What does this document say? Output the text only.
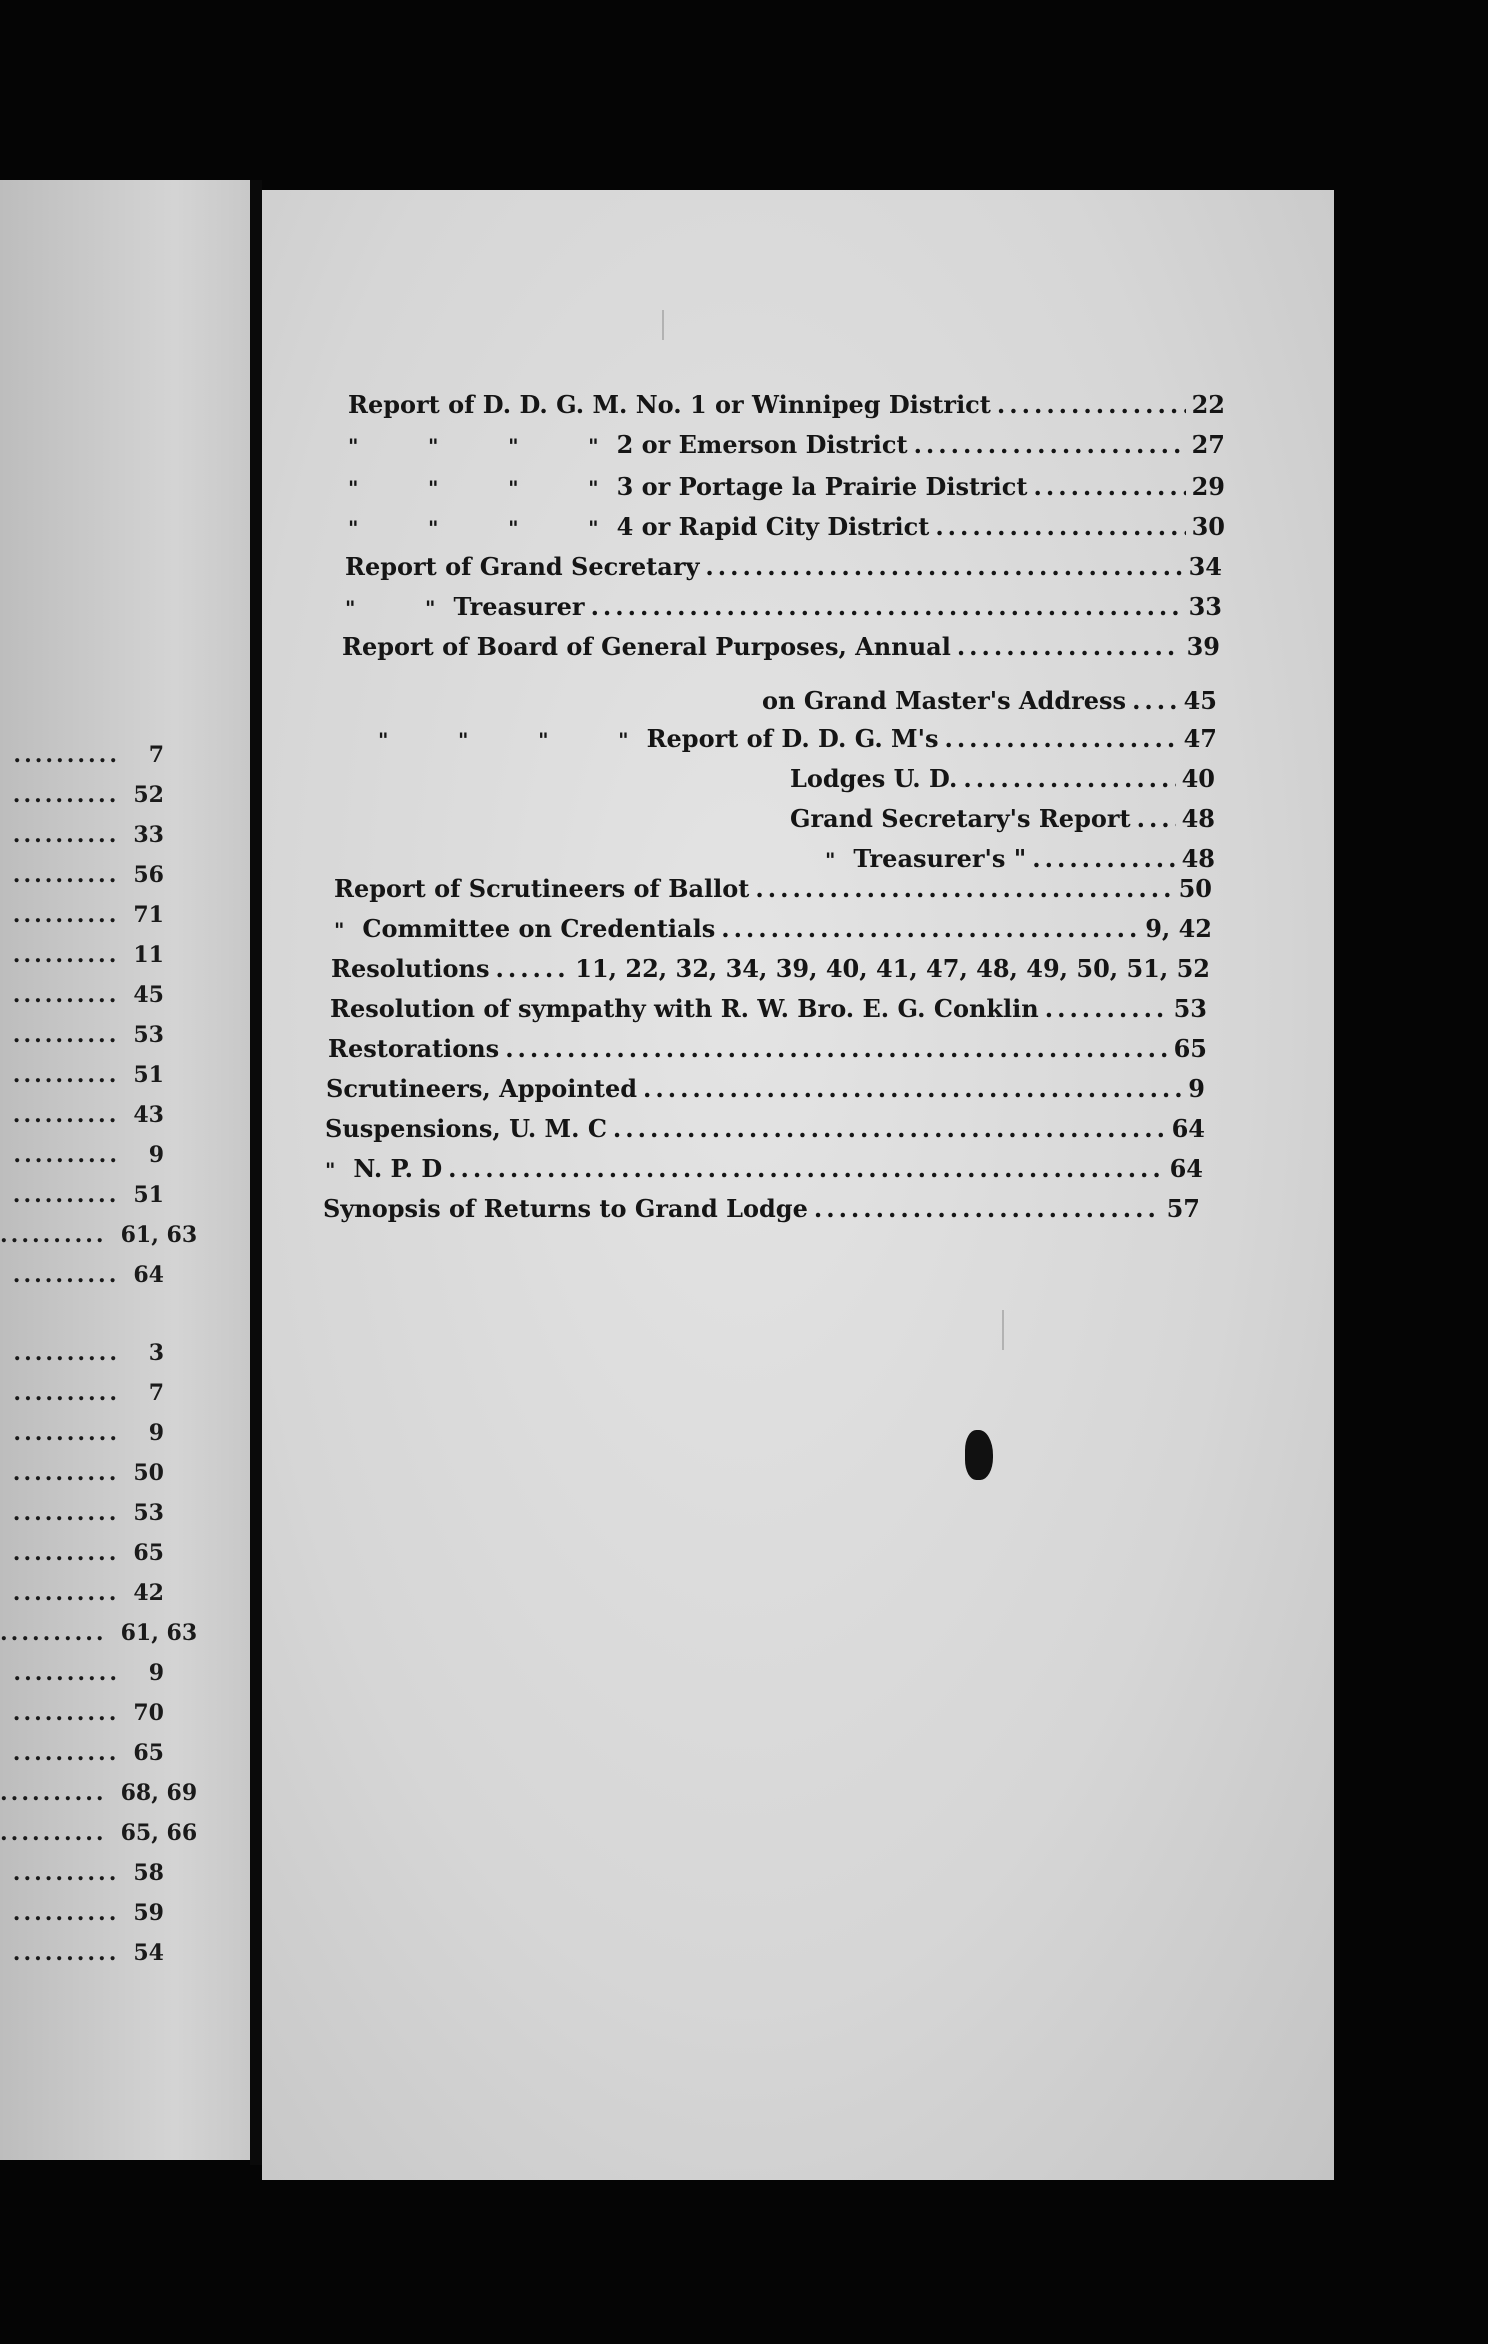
.......... 7
.......... 52
.......... 33
.......... 56
.......... 71
.......... 11
.......... 45
.......... 53
.......... 51
.......... 43
.......... 9
.......... 51
.......... 61, 63
.......... 64
.......... 3
.......... 7
.......... 9
.......... 50
.......... 53
.......... 65
.......... 42
.......... 61, 63
.......... 9
.......... 70
.......... 65
.......... 68, 69
.......... 65, 66
.......... 58
.......... 59
.......... 54
Report of D. D. G. M. No. 1 or Winnipeg District .....	22
"          "          "          " 2 or Emerson District .....	27
"          "          "          " 3 or Portage la Prairie District .....	29
"          "          "          " 4 or Rapid City District .....	30
Report of Grand Secretary .....	34
"          " Treasurer .....	33
Report of Board of General Purposes, Annual .....	39
on Grand Master's Address ..... 45
"          "          "          " Report of D. D. G. M's .....	47
Lodges U. D. .....	40
Grand Secretary's Report ..... 48
" Treasurer's " .....	48
Report of Scrutineers of Ballot .....	50
" Committee on Credentials .....	9, 42
Resolutions .....	11, 22, 32, 34, 39, 40, 41, 47, 48, 49, 50, 51, 52
Resolution of sympathy with R. W. Bro. E. G. Conklin .....	53
Restorations .....	65
Scrutineers, Appointed .....	9
Suspensions, U. M. C .....	64
" N. P. D .....	64
Synopsis of Returns to Grand Lodge .....	57
